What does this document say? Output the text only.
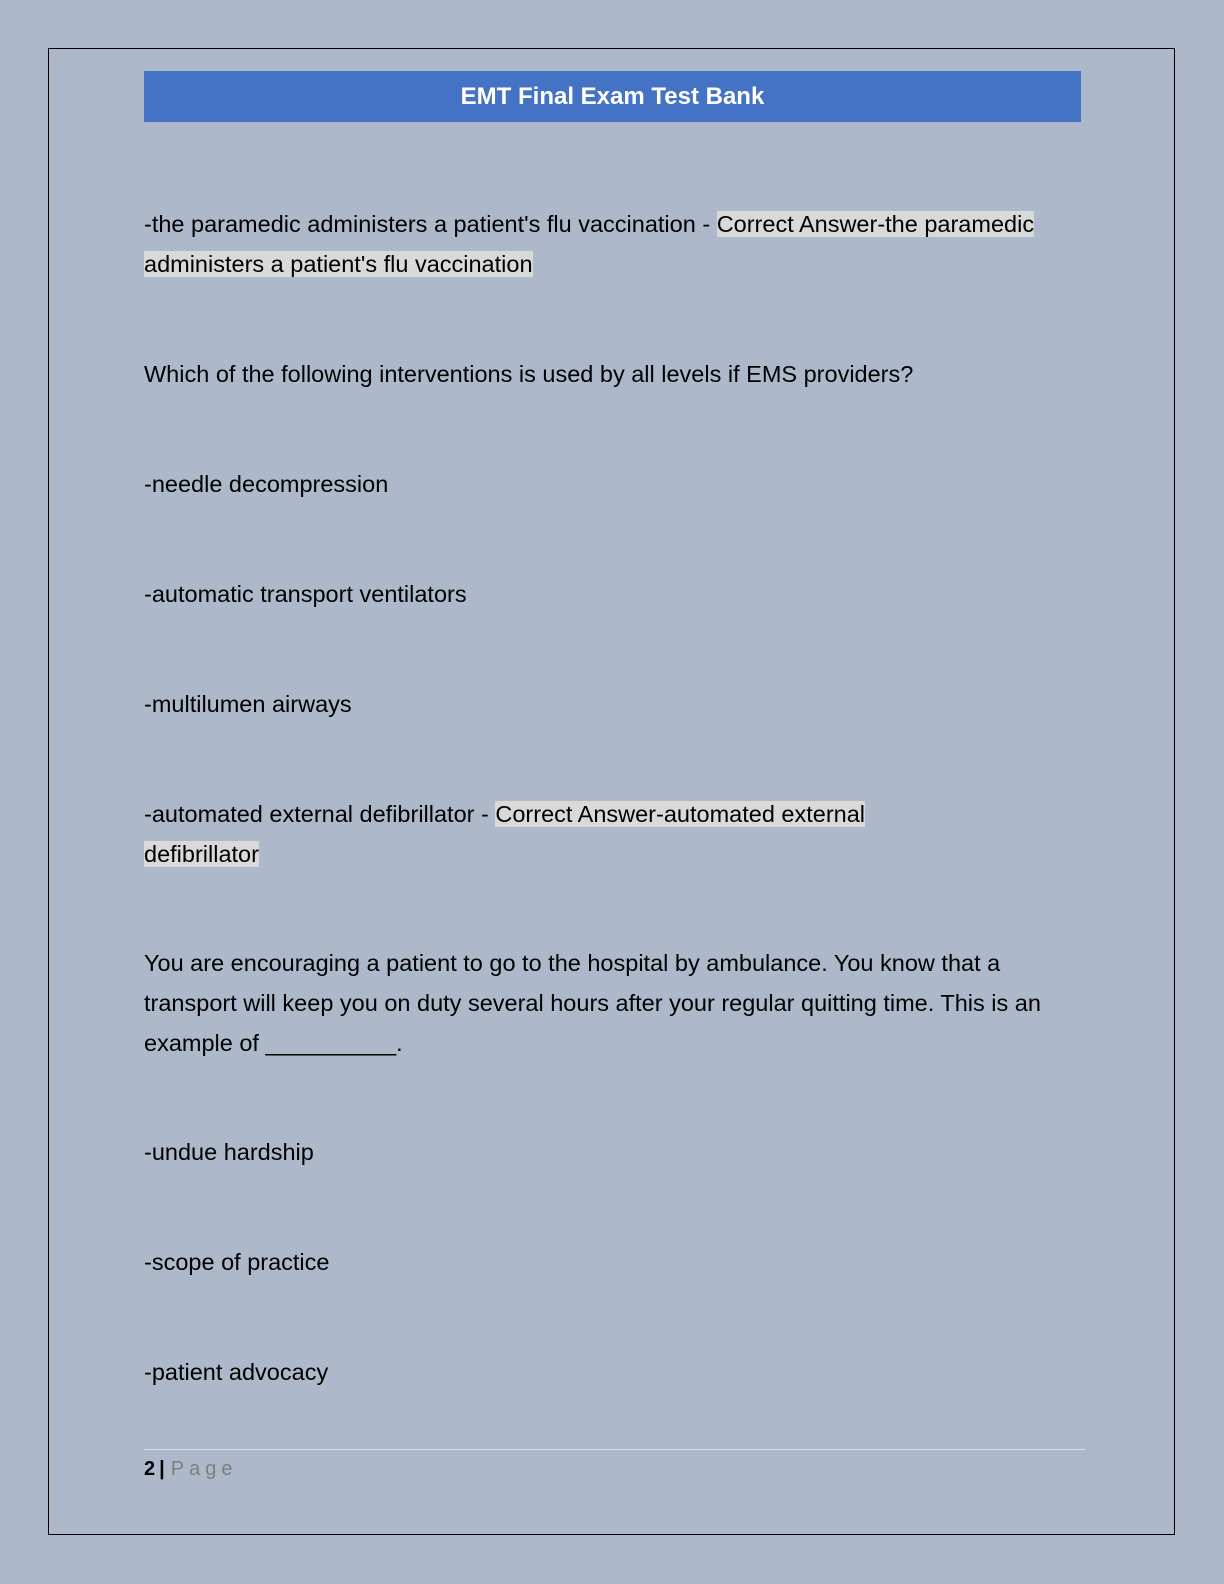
EMT Final Exam Test Bank

-the paramedic administers a patient's flu vaccination - Correct Answer-the paramedic administers a patient's flu vaccination

Which of the following interventions is used by all levels if EMS providers?

-needle decompression

-automatic transport ventilators

-multilumen airways

-automated external defibrillator - Correct Answer-automated external defibrillator

You are encouraging a patient to go to the hospital by ambulance. You know that a transport will keep you on duty several hours after your regular quitting time. This is an example of __________.

-undue hardship

-scope of practice

-patient advocacy

2 | Page
